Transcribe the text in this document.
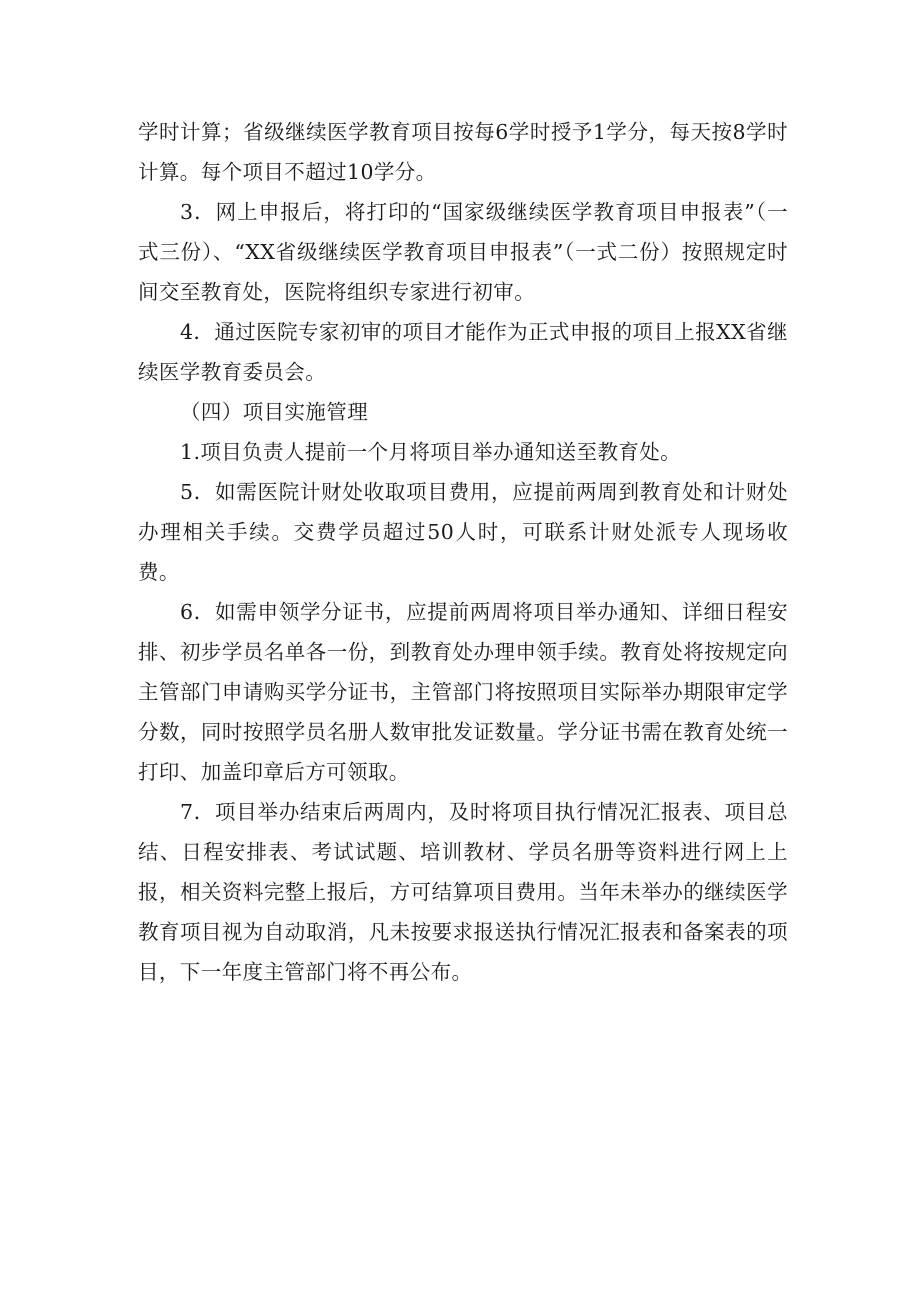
学时计算；省级继续医学教育项目按每6学时授予1学分，每天按8学时计算。每个项目不超过10学分。

3．网上申报后，将打印的“国家级继续医学教育项目申报表”（一式三份）、“XX省级继续医学教育项目申报表”（一式二份）按照规定时间交至教育处，医院将组织专家进行初审。

4．通过医院专家初审的项目才能作为正式申报的项目上报XX省继续医学教育委员会。

（四）项目实施管理

1.项目负责人提前一个月将项目举办通知送至教育处。

5．如需医院计财处收取项目费用，应提前两周到教育处和计财处办理相关手续。交费学员超过50人时，可联系计财处派专人现场收费。

6．如需申领学分证书，应提前两周将项目举办通知、详细日程安排、初步学员名单各一份，到教育处办理申领手续。教育处将按规定向主管部门申请购买学分证书，主管部门将按照项目实际举办期限审定学分数，同时按照学员名册人数审批发证数量。学分证书需在教育处统一打印、加盖印章后方可领取。

7．项目举办结束后两周内，及时将项目执行情况汇报表、项目总结、日程安排表、考试试题、培训教材、学员名册等资料进行网上上报，相关资料完整上报后，方可结算项目费用。当年未举办的继续医学教育项目视为自动取消，凡未按要求报送执行情况汇报表和备案表的项目，下一年度主管部门将不再公布。
